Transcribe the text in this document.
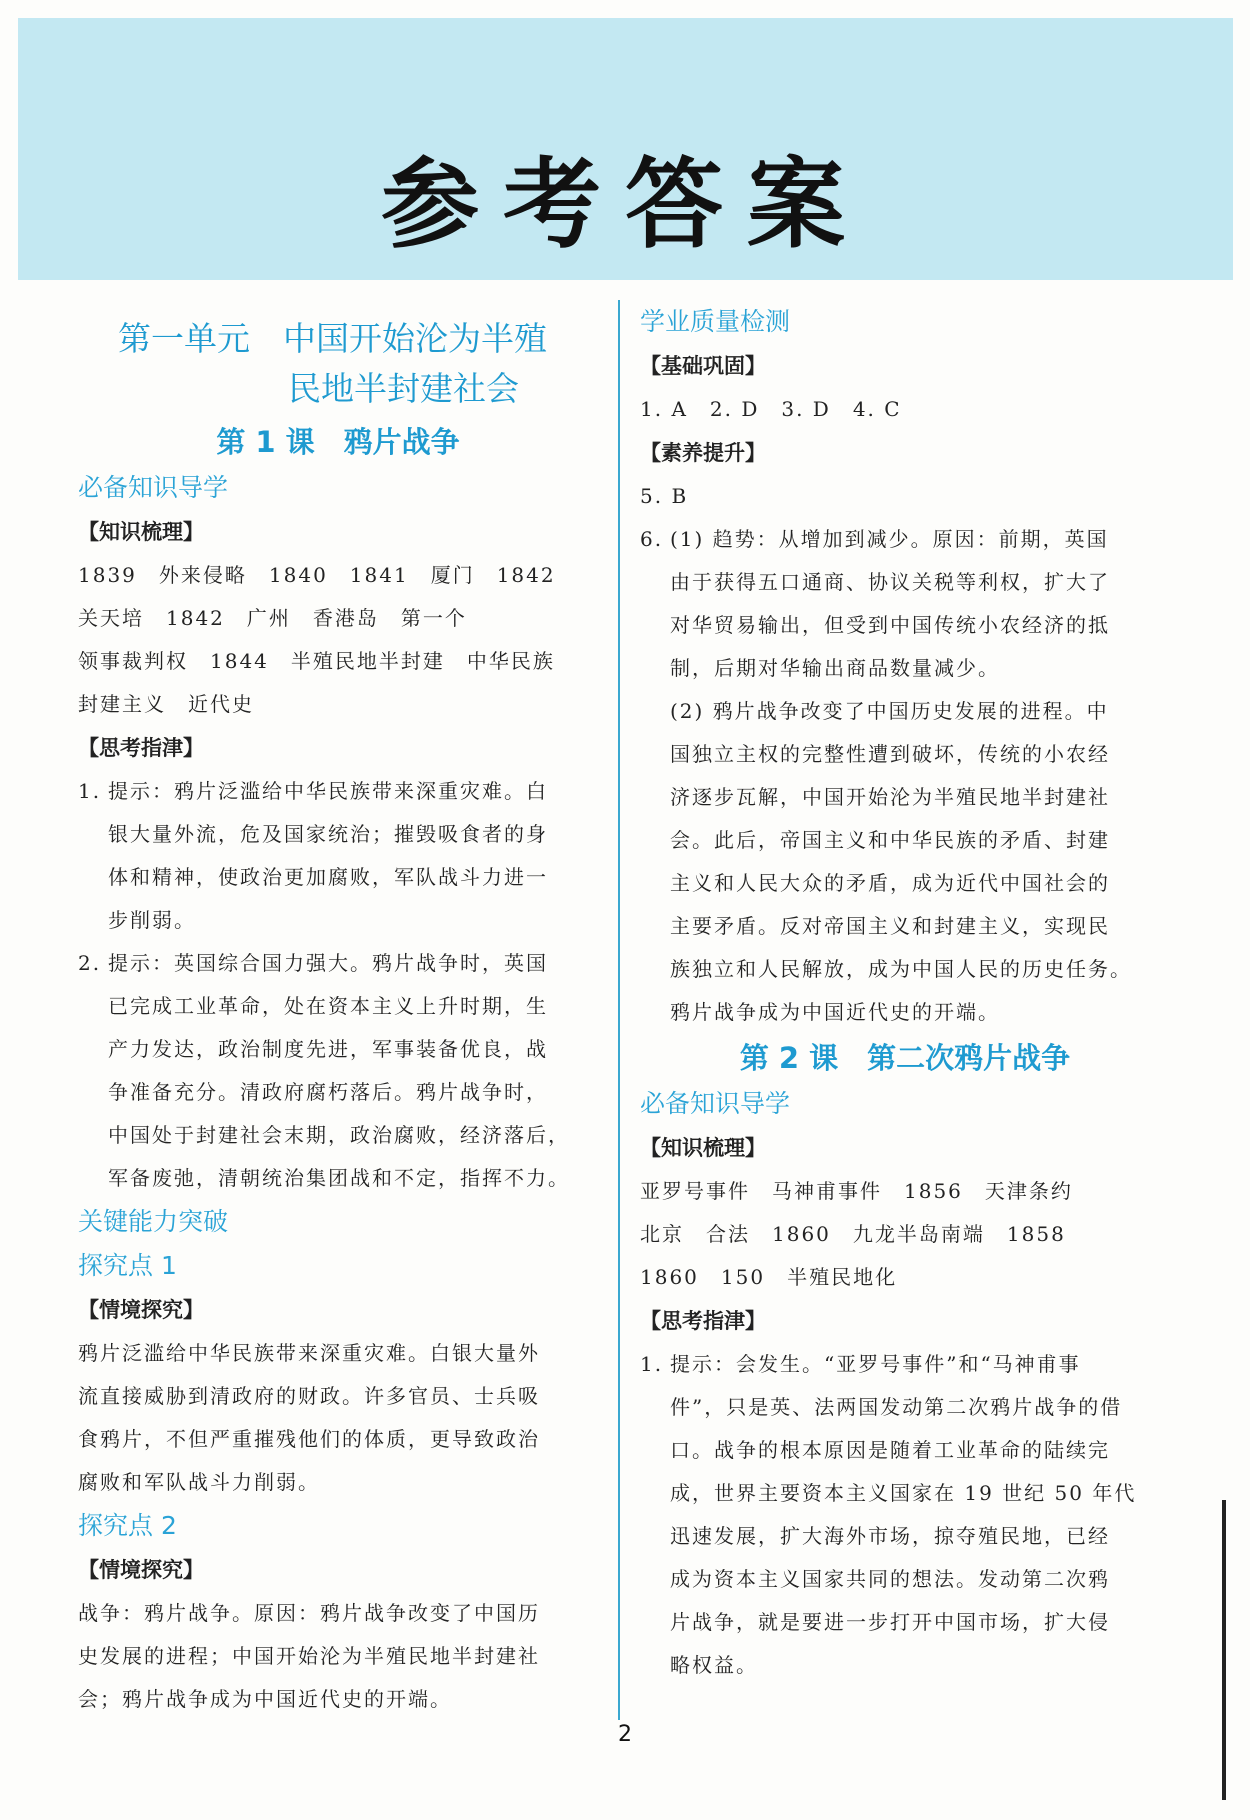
参考答案
第一单元　中国开始沦为半殖
民地半封建社会
第 1 课　鸦片战争
必备知识导学
【知识梳理】
1839　外来侵略　1840　1841　厦门　1842
关天培　1842　广州　香港岛　第一个
领事裁判权　1844　半殖民地半封建　中华民族
封建主义　近代史
【思考指津】
1. 提示：鸦片泛滥给中华民族带来深重灾难。白
银大量外流，危及国家统治；摧毁吸食者的身
体和精神，使政治更加腐败，军队战斗力进一
步削弱。
2. 提示：英国综合国力强大。鸦片战争时，英国
已完成工业革命，处在资本主义上升时期，生
产力发达，政治制度先进，军事装备优良，战
争准备充分。清政府腐朽落后。鸦片战争时，
中国处于封建社会末期，政治腐败，经济落后，
军备废弛，清朝统治集团战和不定，指挥不力。
关键能力突破
探究点 1
【情境探究】
鸦片泛滥给中华民族带来深重灾难。白银大量外
流直接威胁到清政府的财政。许多官员、士兵吸
食鸦片，不但严重摧残他们的体质，更导致政治
腐败和军队战斗力削弱。
探究点 2
【情境探究】
战争：鸦片战争。原因：鸦片战争改变了中国历
史发展的进程；中国开始沦为半殖民地半封建社
会；鸦片战争成为中国近代史的开端。
学业质量检测
【基础巩固】
1. A　2. D　3. D　4. C
【素养提升】
5. B
6. (1) 趋势：从增加到减少。原因：前期，英国
由于获得五口通商、协议关税等利权，扩大了
对华贸易输出，但受到中国传统小农经济的抵
制，后期对华输出商品数量减少。
(2) 鸦片战争改变了中国历史发展的进程。中
国独立主权的完整性遭到破坏，传统的小农经
济逐步瓦解，中国开始沦为半殖民地半封建社
会。此后，帝国主义和中华民族的矛盾、封建
主义和人民大众的矛盾，成为近代中国社会的
主要矛盾。反对帝国主义和封建主义，实现民
族独立和人民解放，成为中国人民的历史任务。
鸦片战争成为中国近代史的开端。
第 2 课　第二次鸦片战争
必备知识导学
【知识梳理】
亚罗号事件　马神甫事件　1856　天津条约
北京　合法　1860　九龙半岛南端　1858
1860　150　半殖民地化
【思考指津】
1. 提示：会发生。“亚罗号事件”和“马神甫事
件”，只是英、法两国发动第二次鸦片战争的借
口。战争的根本原因是随着工业革命的陆续完
成，世界主要资本主义国家在 19 世纪 50 年代
迅速发展，扩大海外市场，掠夺殖民地，已经
成为资本主义国家共同的想法。发动第二次鸦
片战争，就是要进一步打开中国市场，扩大侵
略权益。
2
